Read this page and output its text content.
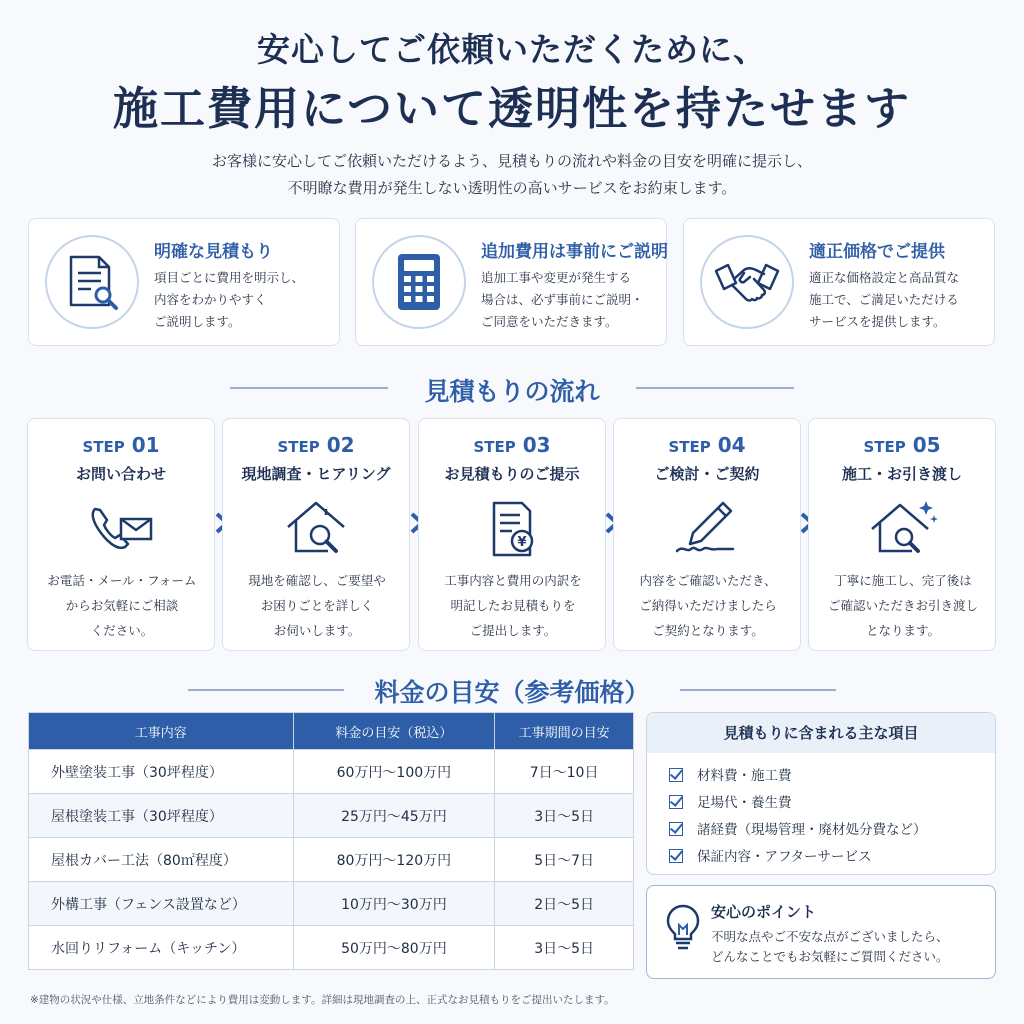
安心してご依頼いただくために、
施工費用について透明性を持たせます
お客様に安心してご依頼いただけるよう、見積もりの流れや料金の目安を明確に提示し、
不明瞭な費用が発生しない透明性の高いサービスをお約束します。
明確な見積もり
項目ごとに費用を明示し、
内容をわかりやすく
ご説明します。
追加費用は事前にご説明
追加工事や変更が発生する
場合は、必ず事前にご説明・
ご同意をいただきます。
適正価格でご提供
適正な価格設定と高品質な
施工で、ご満足いただける
サービスを提供します。
見積もりの流れ
STEP 01
お問い合わせ
お電話・メール・フォーム
からお気軽にご相談
ください。
STEP 02
現地調査・ヒアリング
現地を確認し、ご要望や
お困りごとを詳しく
お伺いします。
STEP 03
お見積もりのご提示
¥
工事内容と費用の内訳を
明記したお見積もりを
ご提出します。
STEP 04
ご検討・ご契約
内容をご確認いただき、
ご納得いただけましたら
ご契約となります。
STEP 05
施工・お引き渡し
丁寧に施工し、完了後は
ご確認いただきお引き渡し
となります。
料金の目安（参考価格）
工事内容	料金の目安（税込）	工事期間の目安
外壁塗装工事（30坪程度）	60万円〜100万円	7日〜10日
屋根塗装工事（30坪程度）	25万円〜45万円	3日〜5日
屋根カバー工法（80㎡程度）	80万円〜120万円	5日〜7日
外構工事（フェンス設置など）	10万円〜30万円	2日〜5日
水回りリフォーム（キッチン）	50万円〜80万円	3日〜5日
見積もりに含まれる主な項目
材料費・施工費
足場代・養生費
諸経費（現場管理・廃材処分費など）
保証内容・アフターサービス
安心のポイント
不明な点やご不安な点がございましたら、
どんなことでもお気軽にご質問ください。
※建物の状況や仕様、立地条件などにより費用は変動します。詳細は現地調査の上、正式なお見積もりをご提出いたします。
